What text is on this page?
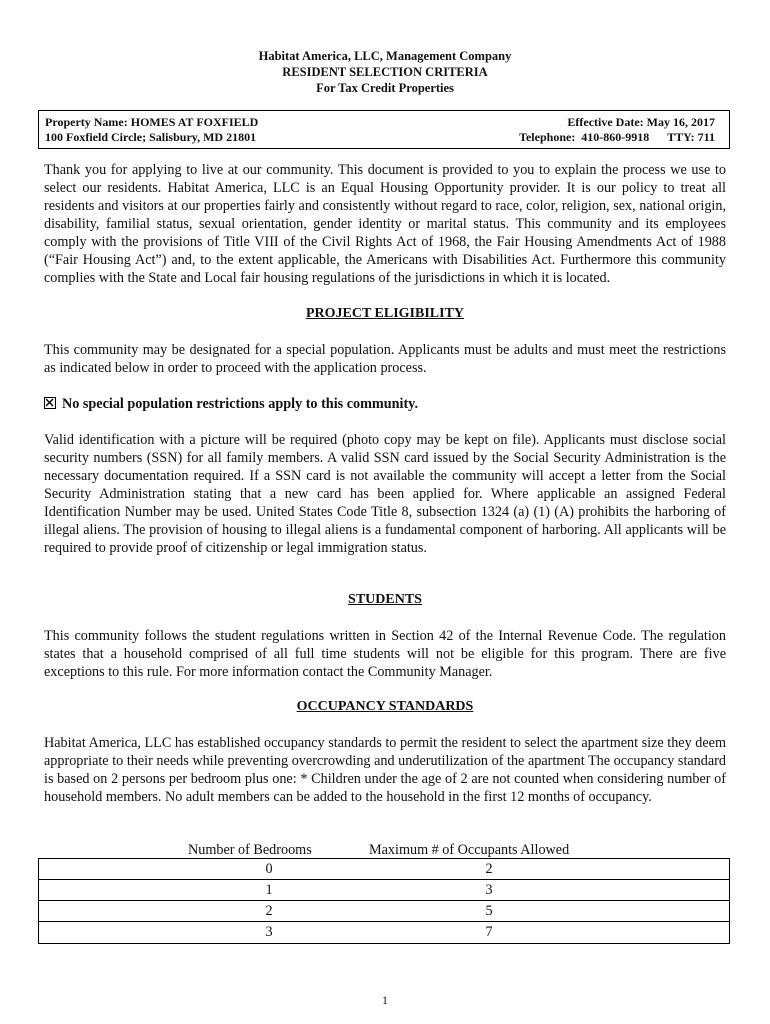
Habitat America, LLC, Management Company
RESIDENT SELECTION CRITERIA
For Tax Credit Properties
Property Name: HOMES AT FOXFIELD	Effective Date: May 16, 2017
100 Foxfield Circle; Salisbury, MD 21801	Telephone:  410-860-9918      TTY: 711

Thank you for applying to live at our community. This document is provided to you to explain the process we use to select our residents. Habitat America, LLC is an Equal Housing Opportunity provider. It is our policy to treat all residents and visitors at our properties fairly and consistently without regard to race, color, religion, sex, national origin, disability, familial status, sexual orientation, gender identity or marital status. This community and its employees comply with the provisions of Title VIII of the Civil Rights Act of 1968, the Fair Housing Amendments Act of 1988 (“Fair Housing Act”) and, to the extent applicable, the Americans with Disabilities Act. Furthermore this community complies with the State and Local fair housing regulations of the jurisdictions in which it is located.

PROJECT ELIGIBILITY

This community may be designated for a special population. Applicants must be adults and must meet the restrictions as indicated below in order to proceed with the application process.

No special population restrictions apply to this community.

Valid identification with a picture will be required (photo copy may be kept on file). Applicants must disclose social security numbers (SSN) for all family members. A valid SSN card issued by the Social Security Administration is the necessary documentation required. If a SSN card is not available the community will accept a letter from the Social Security Administration stating that a new card has been applied for. Where applicable an assigned Federal Identification Number may be used. United States Code Title 8, subsection 1324 (a) (1) (A) prohibits the harboring of illegal aliens. The provision of housing to illegal aliens is a fundamental component of harboring. All applicants will be required to provide proof of citizenship or legal immigration status.

STUDENTS

This community follows the student regulations written in Section 42 of the Internal Revenue Code. The regulation states that a household comprised of all full time students will not be eligible for this program. There are five exceptions to this rule. For more information contact the Community Manager.

OCCUPANCY STANDARDS

Habitat America, LLC has established occupancy standards to permit the resident to select the apartment size they deem appropriate to their needs while preventing overcrowding and underutilization of the apartment The occupancy standard is based on 2 persons per bedroom plus one: * Children under the age of 2 are not counted when considering number of household members. No adult members can be added to the household in the first 12 months of occupancy.

Number of Bedrooms	Maximum # of Occupants Allowed
0	2
1	3
2	5
3	7
1
